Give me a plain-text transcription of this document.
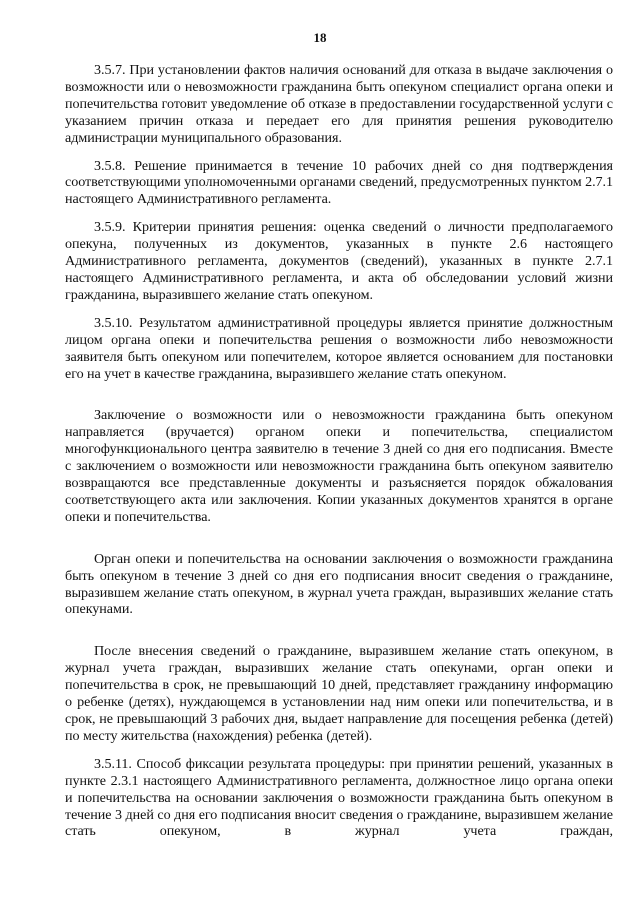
18

3.5.7. При установлении фактов наличия оснований для отказа в выдаче заключения о возможности или о невозможности гражданина быть опекуном специалист органа опеки и попечительства готовит уведомление об отказе в предоставлении государственной услуги с указанием причин отказа и передает его для принятия решения руководителю администрации муниципального образования.

3.5.8. Решение принимается в течение 10 рабочих дней со дня подтверждения соответствующими уполномоченными органами сведений, предусмотренных пунктом 2.7.1 настоящего Административного регламента.

3.5.9. Критерии принятия решения: оценка сведений о личности предполагаемого опекуна, полученных из документов, указанных в пункте 2.6 настоящего Административного регламента, документов (сведений), указанных в пункте 2.7.1 настоящего Административного регламента, и акта об обследовании условий жизни гражданина, выразившего желание стать опекуном.

3.5.10. Результатом административной процедуры является принятие должностным лицом органа опеки и попечительства решения о возможности либо невозможности заявителя быть опекуном или попечителем, которое является основанием для постановки его на учет в качестве гражданина, выразившего желание стать опекуном.

Заключение о возможности или о невозможности гражданина быть опекуном направляется (вручается) органом опеки и попечительства, специалистом многофункционального центра заявителю в течение 3 дней со дня его подписания. Вместе с заключением о возможности или невозможности гражданина быть опекуном заявителю возвращаются все представленные документы и разъясняется порядок обжалования соответствующего акта или заключения. Копии указанных документов хранятся в органе опеки и попечительства.

Орган опеки и попечительства на основании заключения о возможности гражданина быть опекуном в течение 3 дней со дня его подписания вносит сведения о гражданине, выразившем желание стать опекуном, в журнал учета граждан, выразивших желание стать опекунами.

После внесения сведений о гражданине, выразившем желание стать опекуном, в журнал учета граждан, выразивших желание стать опекунами, орган опеки и попечительства в срок, не превышающий 10 дней, представляет гражданину информацию о ребенке (детях), нуждающемся в установлении над ним опеки или попечительства, и в срок, не превышающий 3 рабочих дня, выдает направление для посещения ребенка (детей) по месту жительства (нахождения) ребенка (детей).

3.5.11. Способ фиксации результата процедуры: при принятии решений, указанных в пункте 2.3.1 настоящего Административного регламента, должностное лицо органа опеки и попечительства на основании заключения о возможности гражданина быть опекуном в течение 3 дней со дня его подписания вносит сведения о гражданине, выразившем желание стать опекуном, в журнал учета граждан,
